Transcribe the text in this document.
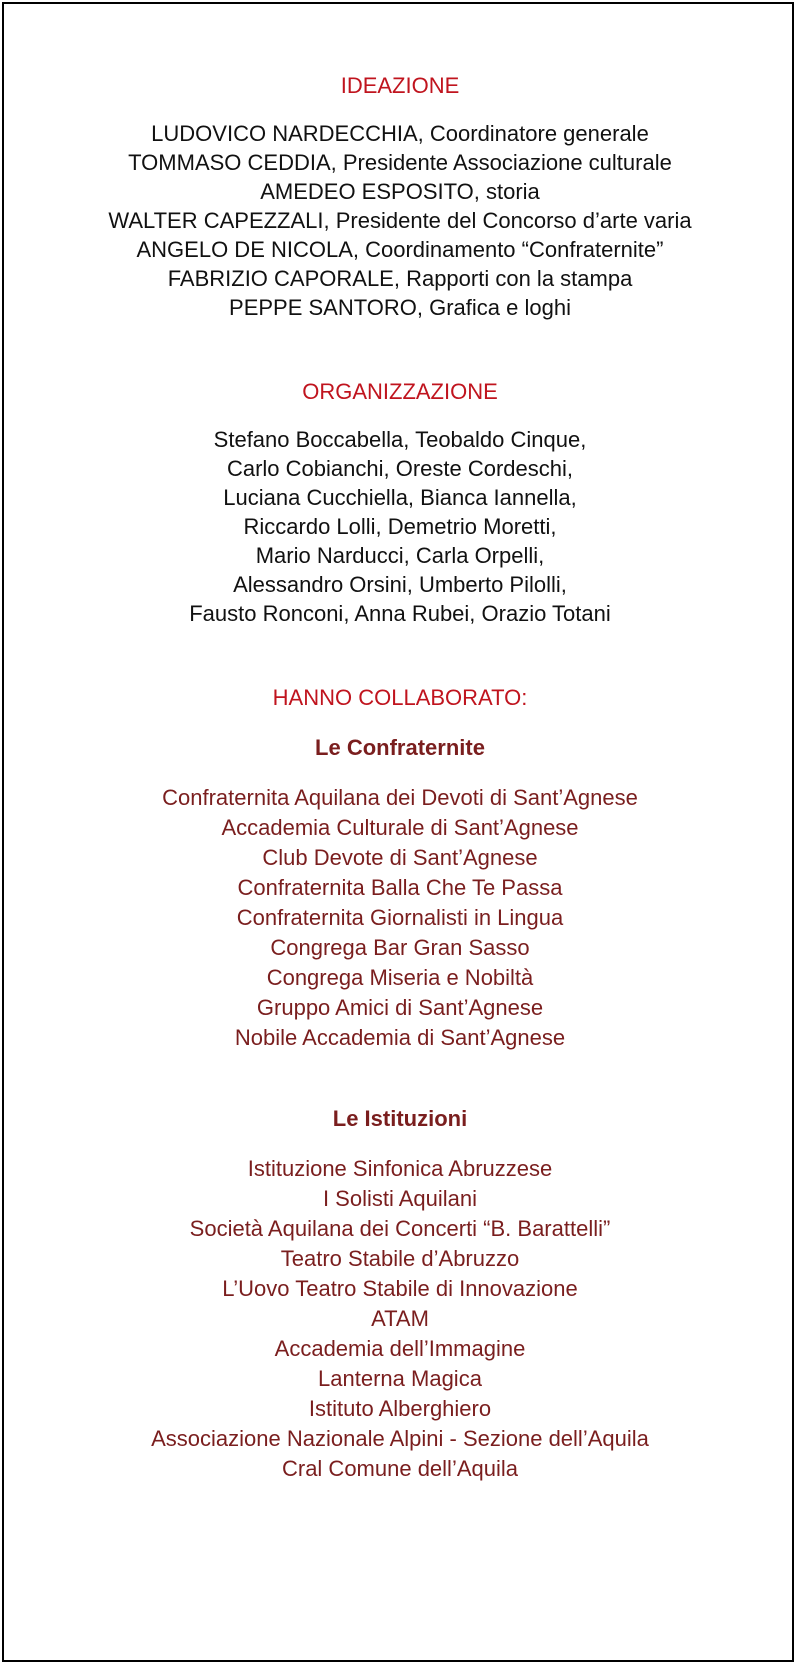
IDEAZIONE
LUDOVICO NARDECCHIA, Coordinatore generale
TOMMASO CEDDIA, Presidente Associazione culturale
AMEDEO ESPOSITO, storia
WALTER CAPEZZALI, Presidente del Concorso d’arte varia
ANGELO DE NICOLA, Coordinamento “Confraternite”
FABRIZIO CAPORALE, Rapporti con la stampa
PEPPE SANTORO, Grafica e loghi
ORGANIZZAZIONE
Stefano Boccabella, Teobaldo Cinque,
Carlo Cobianchi, Oreste Cordeschi,
Luciana Cucchiella, Bianca Iannella,
Riccardo Lolli, Demetrio Moretti,
Mario Narducci, Carla Orpelli,
Alessandro Orsini, Umberto Pilolli,
Fausto Ronconi, Anna Rubei, Orazio Totani
HANNO COLLABORATO:
Le Confraternite
Confraternita Aquilana dei Devoti di Sant’Agnese
Accademia Culturale di Sant’Agnese
Club Devote di Sant’Agnese
Confraternita Balla Che Te Passa
Confraternita Giornalisti in Lingua
Congrega Bar Gran Sasso
Congrega Miseria e Nobiltà
Gruppo Amici di Sant’Agnese
Nobile Accademia di Sant’Agnese
Le Istituzioni
Istituzione Sinfonica Abruzzese
I Solisti Aquilani
Società Aquilana dei Concerti “B. Barattelli”
Teatro Stabile d’Abruzzo
L’Uovo Teatro Stabile di Innovazione
ATAM
Accademia dell’Immagine
Lanterna Magica
Istituto Alberghiero
Associazione Nazionale Alpini - Sezione dell’Aquila
Cral Comune dell’Aquila
